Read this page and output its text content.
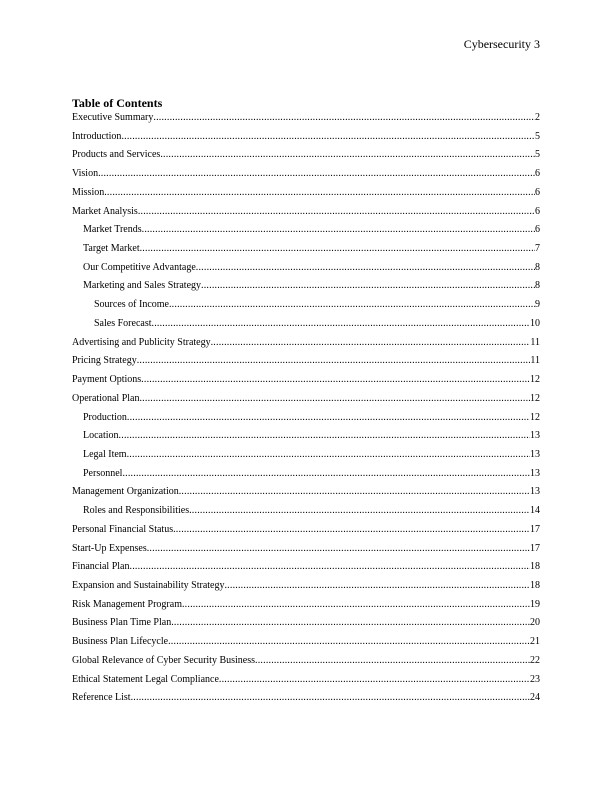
Cybersecurity 3
Table of Contents
Executive Summary .....	2
Introduction .....	5
Products and Services .....	5
Vision .....	6
Mission .....	6
Market Analysis .....	6
Market Trends .....	6
Target Market .....	7
Our Competitive Advantage .....	8
Marketing and Sales Strategy .....	8
Sources of Income .....	9
Sales Forecast .....	10
Advertising and Publicity Strategy .....	11
Pricing Strategy .....	11
Payment Options .....	12
Operational Plan .....	12
Production .....	12
Location .....	13
Legal Item .....	13
Personnel .....	13
Management Organization .....	13
Roles and Responsibilities .....	14
Personal Financial Status .....	17
Start-Up Expenses .....	17
Financial Plan .....	18
Expansion and Sustainability Strategy .....	18
Risk Management Program .....	19
Business Plan Time Plan .....	20
Business Plan Lifecycle .....	21
Global Relevance of Cyber Security Business .....	22
Ethical Statement Legal Compliance .....	23
Reference List .....	24
